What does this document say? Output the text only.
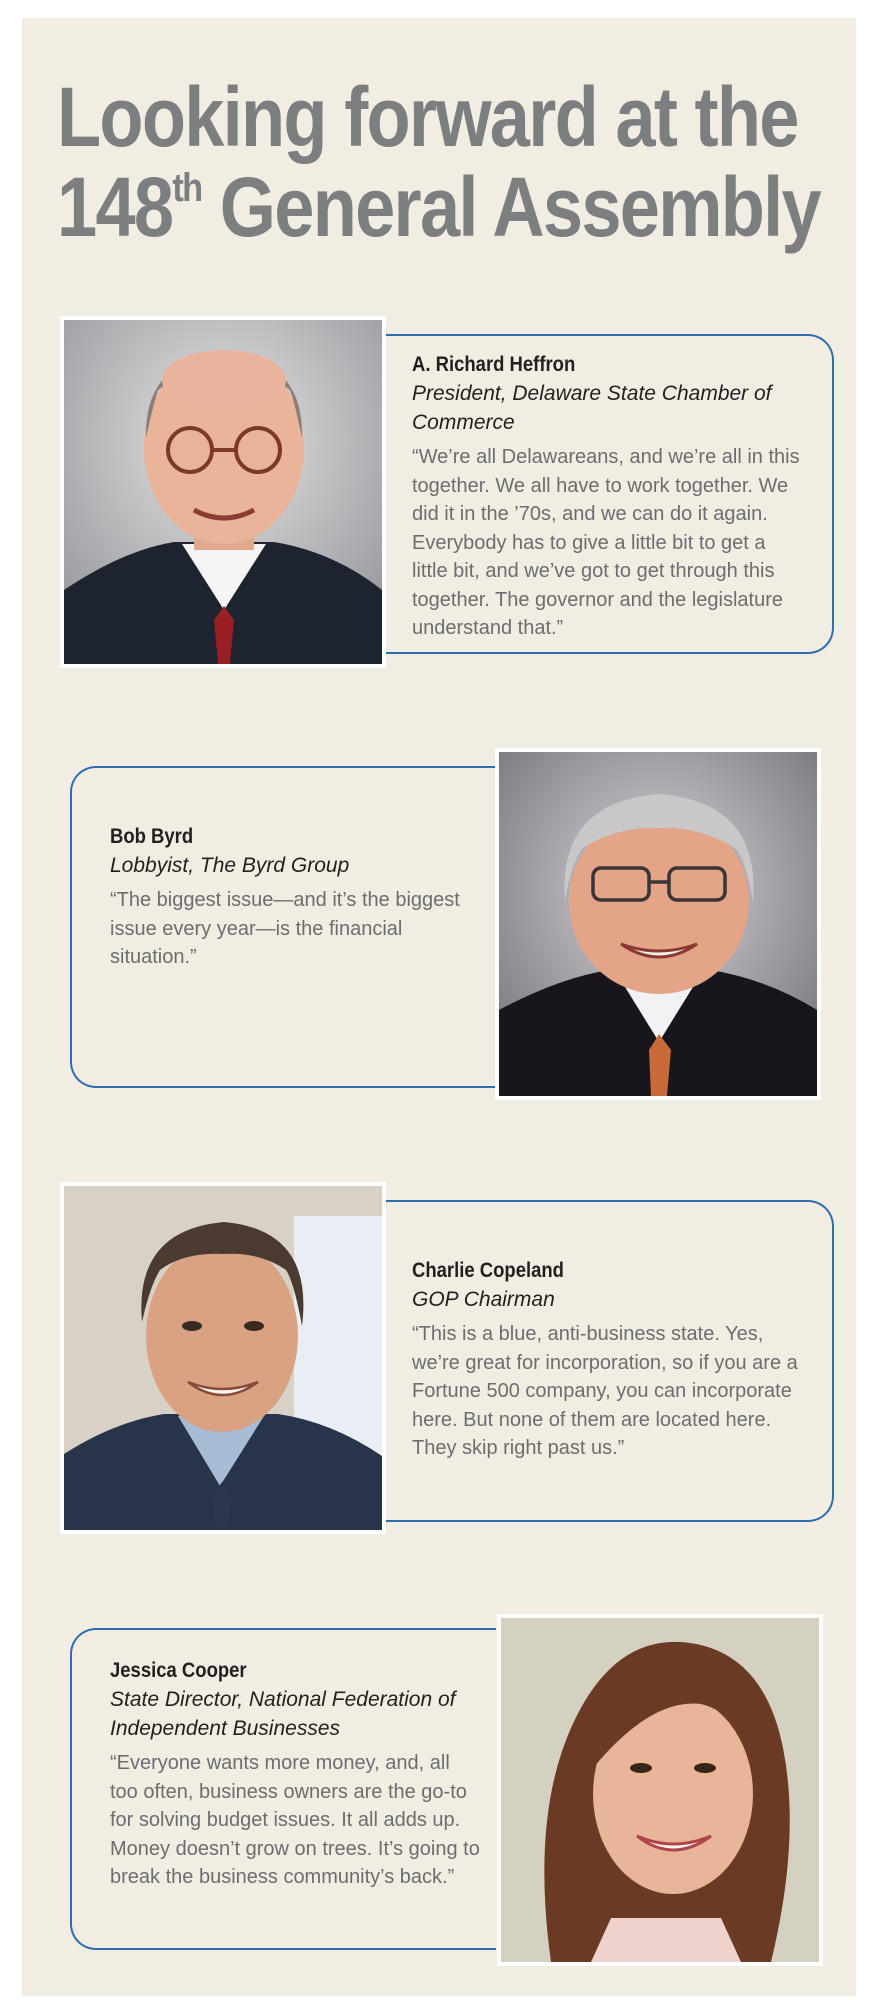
Looking forward at the
148th General Assembly

A. Richard Heffron

President, Delaware State Chamber of Commerce

“We’re all Delawareans, and we’re all in this together. We all have to work together. We did it in the ’70s, and we can do it again. Everybody has to give a little bit to get a little bit, and we’ve got to get through this together. The governor and the legislature understand that.”

Bob Byrd

Lobbyist, The Byrd Group

“The biggest issue—and it’s the biggest issue every year—is the financial situation.”

Charlie Copeland

GOP Chairman

“This is a blue, anti-business state. Yes, we’re great for incorporation, so if you are a Fortune 500 company, you can incorporate here. But none of them are located here. They skip right past us.”

Jessica Cooper

State Director, National Federation of Independent Businesses

“Everyone wants more money, and, all too often, business owners are the go-to for solving budget issues. It all adds up. Money doesn’t grow on trees. It’s going to break the business community’s back.”
